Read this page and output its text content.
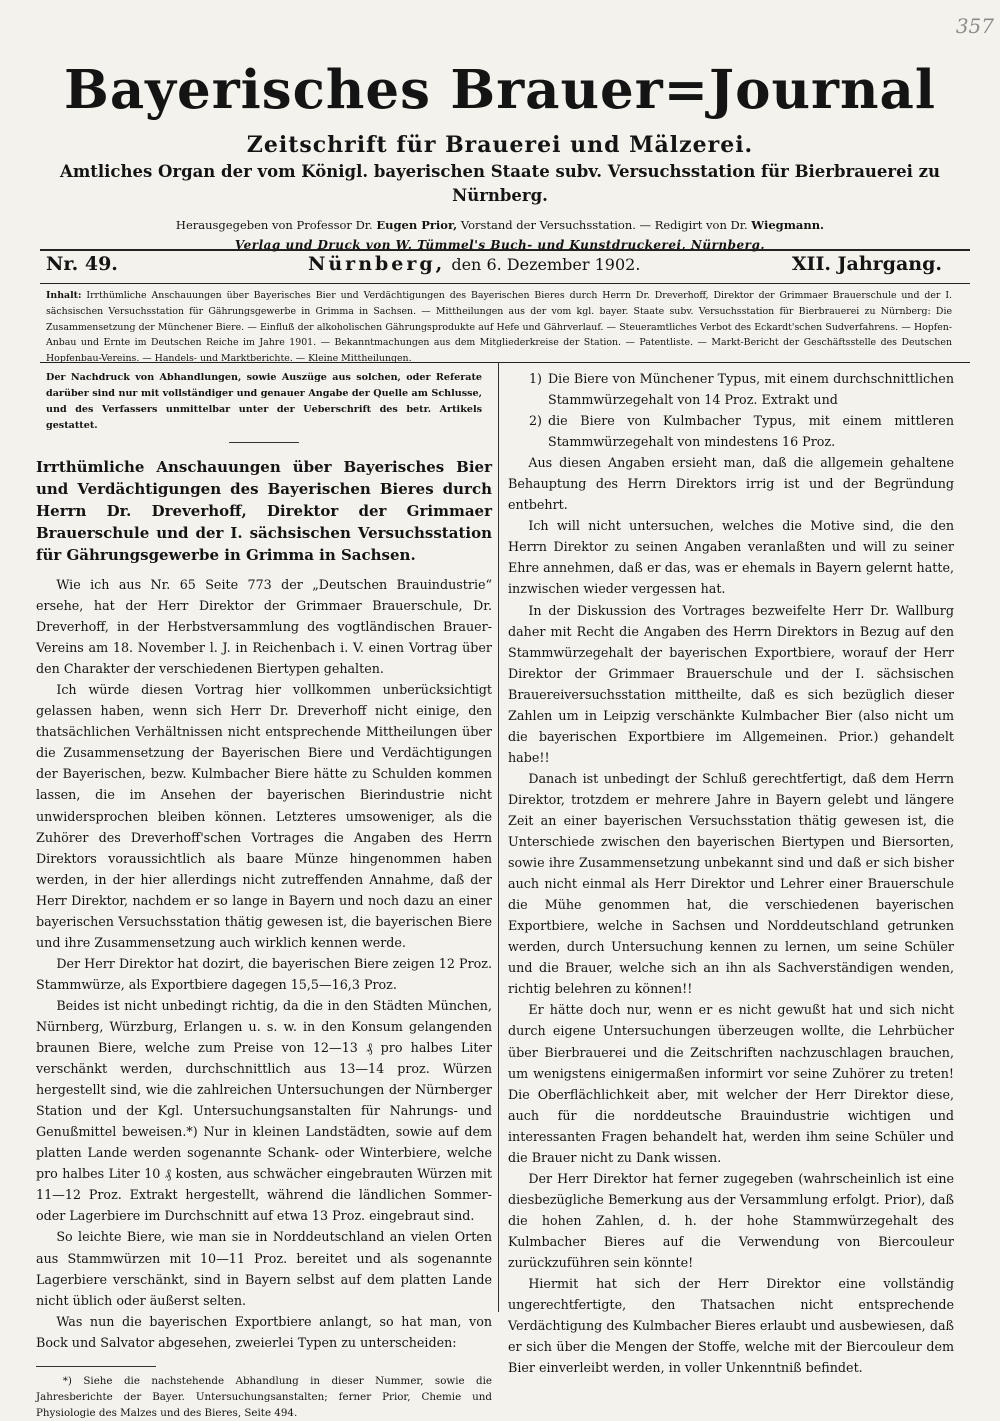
357
Bayerisches Brauer=Journal
Zeitschrift für Brauerei und Mälzerei.
Amtliches Organ der vom Königl. bayerischen Staate subv. Versuchsstation für Bierbrauerei zu Nürnberg.
Herausgegeben von Professor Dr. Eugen Prior, Vorstand der Versuchsstation. — Redigirt von Dr. Wiegmann.
Verlag und Druck von W. Tümmel's Buch- und Kunstdruckerei, Nürnberg.
Nr. 49.	Nürnberg, den 6. Dezember 1902.	XII. Jahrgang.
Inhalt: Irrthümliche Anschauungen über Bayerisches Bier und Verdächtigungen des Bayerischen Bieres durch Herrn Dr. Dreverhoff, Direktor der Grimmaer Brauerschule und der I. sächsischen Versuchsstation für Gährungsgewerbe in Grimma in Sachsen. — Mittheilungen aus der vom kgl. bayer. Staate subv. Versuchsstation für Bierbrauerei zu Nürnberg: Die Zusammensetzung der Münchener Biere. — Einfluß der alkoholischen Gährungsprodukte auf Hefe und Gährverlauf. — Steueramtliches Verbot des Eckardt'schen Sudverfahrens. — Hopfen-Anbau und Ernte im Deutschen Reiche im Jahre 1901. — Bekanntmachungen aus dem Mitgliederkreise der Station. — Patentliste. — Markt-Bericht der Geschäftsstelle des Deutschen Hopfenbau-Vereins. — Handels- und Marktberichte. — Kleine Mittheilungen.
Der Nachdruck von Abhandlungen, sowie Auszüge aus solchen, oder Referate darüber sind nur mit vollständiger und genauer Angabe der Quelle am Schlusse, und des Verfassers unmittelbar unter der Ueberschrift des betr. Artikels gestattet.
Irrthümliche Anschauungen über Bayerisches Bier und Verdächtigungen des Bayerischen Bieres durch Herrn Dr. Dreverhoff, Direktor der Grimmaer Brauerschule und der I. sächsischen Versuchsstation für Gährungsgewerbe in Grimma in Sachsen.

Wie ich aus Nr. 65 Seite 773 der „Deutschen Brauindustrie“ ersehe, hat der Herr Direktor der Grimmaer Brauerschule, Dr. Dreverhoff, in der Herbstversammlung des vogtländischen Brauer-Vereins am 18. November l. J. in Reichenbach i. V. einen Vortrag über den Charakter der verschiedenen Biertypen gehalten.

Ich würde diesen Vortrag hier vollkommen unberücksichtigt gelassen haben, wenn sich Herr Dr. Dreverhoff nicht einige, den thatsächlichen Verhältnissen nicht entsprechende Mittheilungen über die Zusammensetzung der Bayerischen Biere und Verdächtigungen der Bayerischen, bezw. Kulmbacher Biere hätte zu Schulden kommen lassen, die im Ansehen der bayerischen Bierindustrie nicht unwidersprochen bleiben können. Letzteres umsoweniger, als die Zuhörer des Dreverhoff'schen Vortrages die Angaben des Herrn Direktors voraussichtlich als baare Münze hingenommen haben werden, in der hier allerdings nicht zutreffenden Annahme, daß der Herr Direktor, nachdem er so lange in Bayern und noch dazu an einer bayerischen Versuchsstation thätig gewesen ist, die bayerischen Biere und ihre Zusammensetzung auch wirklich kennen werde.

Der Herr Direktor hat dozirt, die bayerischen Biere zeigen 12 Proz. Stammwürze, als Exportbiere dagegen 15,5—16,3 Proz.

Beides ist nicht unbedingt richtig, da die in den Städten München, Nürnberg, Würzburg, Erlangen u. s. w. in den Konsum gelangenden braunen Biere, welche zum Preise von 12—13 ₰ pro halbes Liter verschänkt werden, durchschnittlich aus 13—14 proz. Würzen hergestellt sind, wie die zahlreichen Untersuchungen der Nürnberger Station und der Kgl. Untersuchungsanstalten für Nahrungs- und Genußmittel beweisen.*) Nur in kleinen Landstädten, sowie auf dem platten Lande werden sogenannte Schank- oder Winterbiere, welche pro halbes Liter 10 ₰ kosten, aus schwächer eingebrauten Würzen mit 11—12 Proz. Extrakt hergestellt, während die ländlichen Sommer- oder Lagerbiere im Durchschnitt auf etwa 13 Proz. eingebraut sind.

So leichte Biere, wie man sie in Norddeutschland an vielen Orten aus Stammwürzen mit 10—11 Proz. bereitet und als sogenannte Lagerbiere verschänkt, sind in Bayern selbst auf dem platten Lande nicht üblich oder äußerst selten.

Was nun die bayerischen Exportbiere anlangt, so hat man, von Bock und Salvator abgesehen, zweierlei Typen zu unterscheiden:

*) Siehe die nachstehende Abhandlung in dieser Nummer, sowie die Jahresberichte der Bayer. Untersuchungsanstalten; ferner Prior, Chemie und Physiologie des Malzes und des Bieres, Seite 494.
1) Die Biere von Münchener Typus, mit einem durchschnittlichen Stammwürzegehalt von 14 Proz. Extrakt und
2) die Biere von Kulmbacher Typus, mit einem mittleren Stammwürzegehalt von mindestens 16 Proz.

Aus diesen Angaben ersieht man, daß die allgemein gehaltene Behauptung des Herrn Direktors irrig ist und der Begründung entbehrt.

Ich will nicht untersuchen, welches die Motive sind, die den Herrn Direktor zu seinen Angaben veranlaßten und will zu seiner Ehre annehmen, daß er das, was er ehemals in Bayern gelernt hatte, inzwischen wieder vergessen hat.

In der Diskussion des Vortrages bezweifelte Herr Dr. Wallburg daher mit Recht die Angaben des Herrn Direktors in Bezug auf den Stammwürzegehalt der bayerischen Exportbiere, worauf der Herr Direktor der Grimmaer Brauerschule und der I. sächsischen Brauereiversuchsstation mittheilte, daß es sich bezüglich dieser Zahlen um in Leipzig verschänkte Kulmbacher Bier (also nicht um die bayerischen Exportbiere im Allgemeinen. Prior.) gehandelt habe!!

Danach ist unbedingt der Schluß gerechtfertigt, daß dem Herrn Direktor, trotzdem er mehrere Jahre in Bayern gelebt und längere Zeit an einer bayerischen Versuchsstation thätig gewesen ist, die Unterschiede zwischen den bayerischen Biertypen und Biersorten, sowie ihre Zusammensetzung unbekannt sind und daß er sich bisher auch nicht einmal als Herr Direktor und Lehrer einer Brauerschule die Mühe genommen hat, die verschiedenen bayerischen Exportbiere, welche in Sachsen und Norddeutschland getrunken werden, durch Untersuchung kennen zu lernen, um seine Schüler und die Brauer, welche sich an ihn als Sachverständigen wenden, richtig belehren zu können!!

Er hätte doch nur, wenn er es nicht gewußt hat und sich nicht durch eigene Untersuchungen überzeugen wollte, die Lehrbücher über Bierbrauerei und die Zeitschriften nachzuschlagen brauchen, um wenigstens einigermaßen informirt vor seine Zuhörer zu treten! Die Oberflächlichkeit aber, mit welcher der Herr Direktor diese, auch für die norddeutsche Brauindustrie wichtigen und interessanten Fragen behandelt hat, werden ihm seine Schüler und die Brauer nicht zu Dank wissen.

Der Herr Direktor hat ferner zugegeben (wahrscheinlich ist eine diesbezügliche Bemerkung aus der Versammlung erfolgt. Prior), daß die hohen Zahlen, d. h. der hohe Stammwürzegehalt des Kulmbacher Bieres auf die Verwendung von Biercouleur zurückzuführen sein könnte!

Hiermit hat sich der Herr Direktor eine vollständig ungerechtfertigte, den Thatsachen nicht entsprechende Verdächtigung des Kulmbacher Bieres erlaubt und ausbewiesen, daß er sich über die Mengen der Stoffe, welche mit der Biercouleur dem Bier einverleibt werden, in voller Unkenntniß befindet.
